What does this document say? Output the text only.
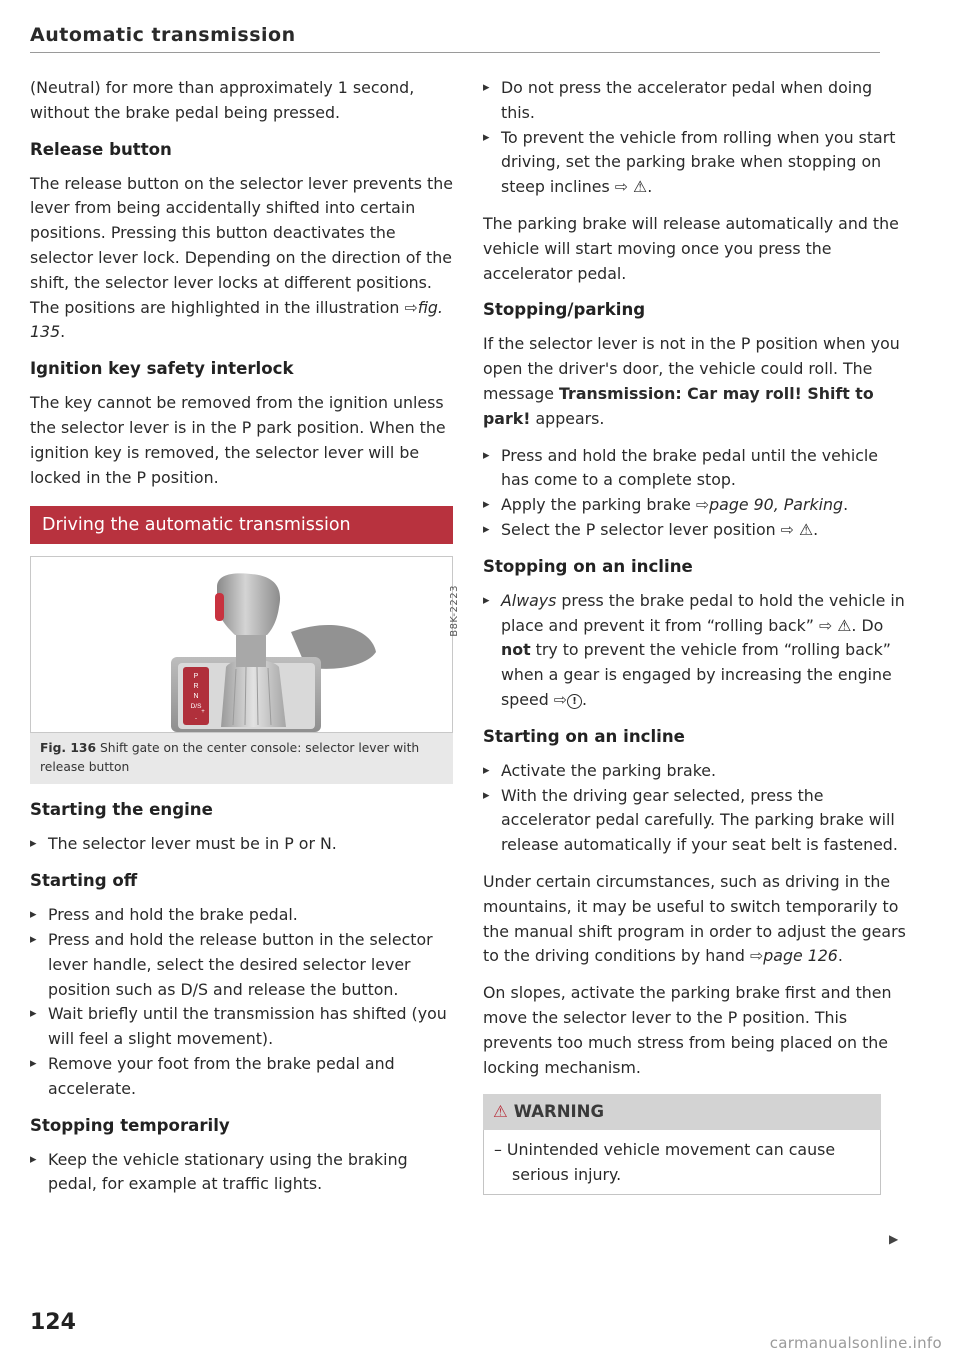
Automatic transmission

(Neutral) for more than approximately 1 second, without the brake pedal being pressed.

Release button

The release button on the selector lever prevents the lever from being accidentally shifted into certain positions. Pressing this button deactivates the selector lever lock. Depending on the direction of the shift, the selector lever locks at different positions. The positions are highlighted in the illustration ⇨fig. 135.

Ignition key safety interlock

The key cannot be removed from the ignition unless the selector lever is in the P park position. When the ignition key is removed, the selector lever will be locked in the P position.

Driving the automatic transmission
P
R
N
D/S
+
-
B8K-2223
Fig. 136 Shift gate on the center console: selector lever with release button
Starting the engine
▸ The selector lever must be in P or N.
Starting off
▸ Press and hold the brake pedal.
▸ Press and hold the release button in the selector lever handle, select the desired selector lever position such as D/S and release the button.
▸ Wait briefly until the transmission has shifted (you will feel a slight movement).
▸ Remove your foot from the brake pedal and accelerate.
Stopping temporarily
▸ Keep the vehicle stationary using the braking pedal, for example at traffic lights.
▸ Do not press the accelerator pedal when doing this.
▸ To prevent the vehicle from rolling when you start driving, set the parking brake when stopping on steep inclines ⇨ ⚠.

The parking brake will release automatically and the vehicle will start moving once you press the accelerator pedal.

Stopping/parking

If the selector lever is not in the P position when you open the driver's door, the vehicle could roll. The message Transmission: Car may roll! Shift to park! appears.

▸ Press and hold the brake pedal until the vehicle has come to a complete stop.
▸ Apply the parking brake ⇨page 90, Parking.
▸ Select the P selector lever position ⇨ ⚠.
Stopping on an incline
▸ Always press the brake pedal to hold the vehicle in place and prevent it from “rolling back” ⇨ ⚠. Do not try to prevent the vehicle from “rolling back” when a gear is engaged by increasing the engine speed ⇨ ! .
Starting on an incline
▸ Activate the parking brake.
▸ With the driving gear selected, press the accelerator pedal carefully. The parking brake will release automatically if your seat belt is fastened.

Under certain circumstances, such as driving in the mountains, it may be useful to switch temporarily to the manual shift program in order to adjust the gears to the driving conditions by hand ⇨page 126.

On slopes, activate the parking brake first and then move the selector lever to the P position. This prevents too much stress from being placed on the locking mechanism.

⚠ WARNING
– Unintended vehicle movement can cause serious injury.
▶
124
carmanualsonline.info
